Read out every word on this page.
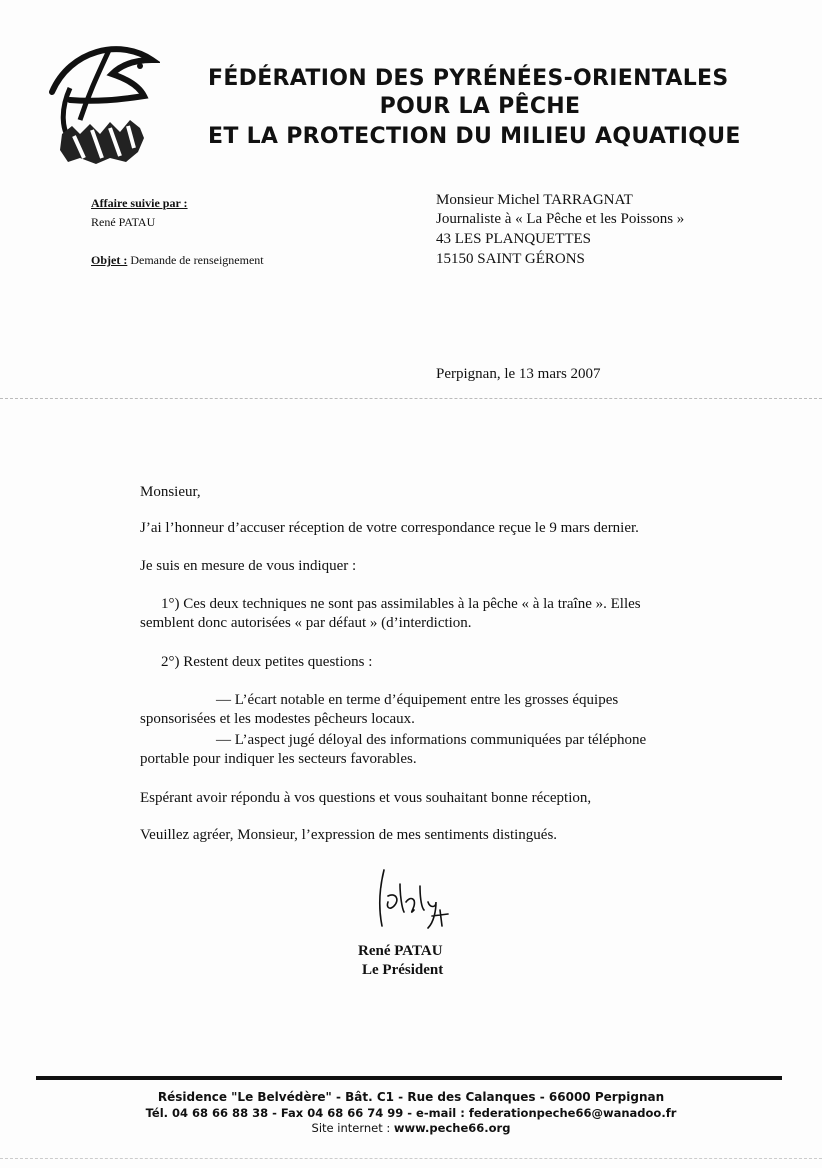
FÉDÉRATION DES PYRÉNÉES-ORIENTALES
POUR LA PÊCHE
ET LA PROTECTION DU MILIEU AQUATIQUE
Affaire suivie par :
René PATAU
Objet : Demande de renseignement
Monsieur Michel TARRAGNAT
Journaliste à « La Pêche et les Poissons »
43 LES PLANQUETTES
15150 SAINT GÉRONS
Perpignan, le 13 mars 2007
Monsieur,
J’ai l’honneur d’accuser réception de votre correspondance reçue le 9 mars dernier.
Je suis en mesure de vous indiquer :
1°) Ces deux techniques ne sont pas assimilables à la pêche « à la traîne ». Elles
semblent donc autorisées « par défaut » (d’interdiction.
2°) Restent deux petites questions :
— L’écart notable en terme d’équipement entre les grosses équipes
sponsorisées et les modestes pêcheurs locaux.
— L’aspect jugé déloyal des informations communiquées par téléphone
portable pour indiquer les secteurs favorables.
Espérant avoir répondu à vos questions et vous souhaitant bonne réception,
Veuillez agréer, Monsieur, l’expression de mes sentiments distingués.
René PATAU
Le Président
Résidence "Le Belvédère" - Bât. C1 - Rue des Calanques - 66000 Perpignan
Tél. 04 68 66 88 38 - Fax 04 68 66 74 99 - e-mail : federationpeche66@wanadoo.fr
Site internet : www.peche66.org
